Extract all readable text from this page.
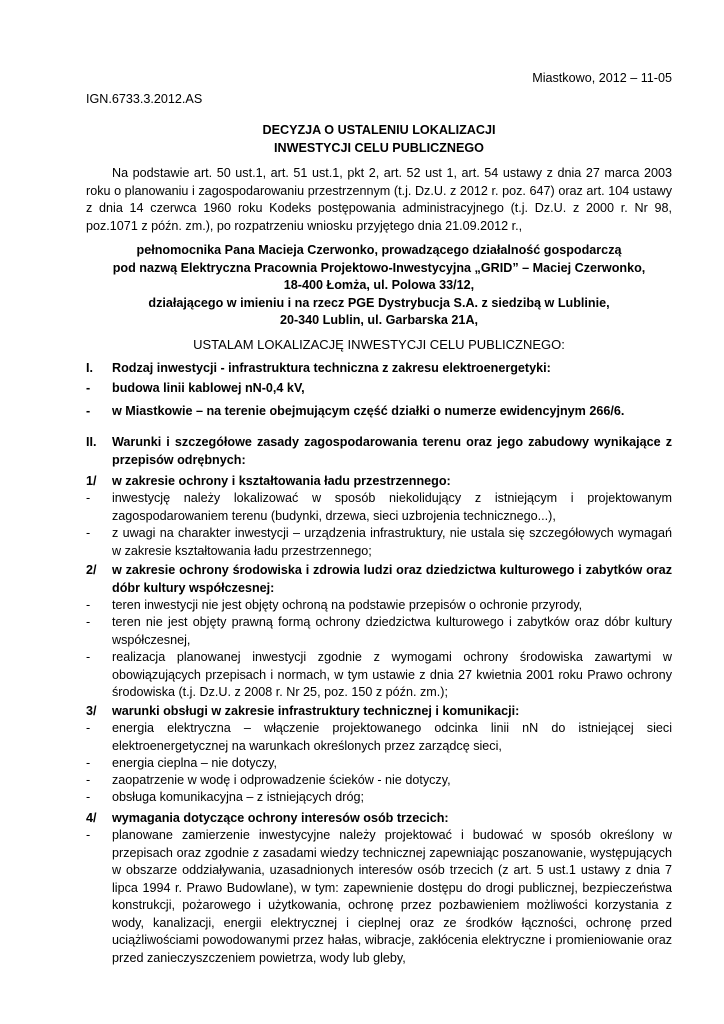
Miastkowo, 2012 – 11-05
IGN.6733.3.2012.AS
DECYZJA O USTALENIU LOKALIZACJI
INWESTYCJI CELU PUBLICZNEGO
Na podstawie art. 50 ust.1, art. 51 ust.1, pkt 2, art. 52 ust 1, art. 54 ustawy z dnia 27 marca 2003 roku o planowaniu i zagospodarowaniu przestrzennym (t.j. Dz.U. z 2012 r. poz. 647) oraz art. 104 ustawy z dnia 14 czerwca 1960 roku Kodeks postępowania administracyjnego (t.j. Dz.U. z 2000 r. Nr 98, poz.1071 z późn. zm.), po rozpatrzeniu wniosku przyjętego dnia 21.09.2012 r.,
pełnomocnika Pana Macieja Czerwonko, prowadzącego działalność gospodarczą
pod nazwą Elektryczna Pracownia Projektowo-Inwestycyjna „GRID” – Maciej Czerwonko,
18-400 Łomża, ul. Polowa 33/12,
działającego w imieniu i na rzecz PGE Dystrybucja S.A. z siedzibą w Lublinie,
20-340 Lublin, ul. Garbarska 21A,
USTALAM LOKALIZACJĘ INWESTYCJI CELU PUBLICZNEGO:
I.	Rodzaj inwestycji - infrastruktura techniczna z zakresu elektroenergetyki:
-	budowa linii kablowej nN-0,4 kV,
-	w Miastkowie – na terenie obejmującym część działki o numerze ewidencyjnym 266/6.
II.	Warunki i szczegółowe zasady zagospodarowania terenu oraz jego zabudowy wynikające z przepisów odrębnych:
1/	w zakresie ochrony i kształtowania ładu przestrzennego:
-	inwestycję należy lokalizować w sposób niekolidujący z istniejącym i projektowanym zagospodarowaniem terenu (budynki, drzewa, sieci uzbrojenia technicznego...),
-	z uwagi na charakter inwestycji – urządzenia infrastruktury, nie ustala się szczegółowych wymagań w zakresie kształtowania ładu przestrzennego;
2/	w zakresie ochrony środowiska i zdrowia ludzi oraz dziedzictwa kulturowego i zabytków oraz dóbr kultury współczesnej:
-	teren inwestycji nie jest objęty ochroną na podstawie przepisów o ochronie przyrody,
-	teren nie jest objęty prawną formą ochrony dziedzictwa kulturowego i zabytków oraz dóbr kultury współczesnej,
-	realizacja planowanej inwestycji zgodnie z wymogami ochrony środowiska zawartymi w obowiązujących przepisach i normach, w tym ustawie z dnia 27 kwietnia 2001 roku Prawo ochrony środowiska (t.j. Dz.U. z 2008 r. Nr 25, poz. 150 z późn. zm.);
3/	warunki obsługi w zakresie infrastruktury technicznej i komunikacji:
-	energia elektryczna – włączenie projektowanego odcinka linii nN do istniejącej sieci elektroenergetycznej na warunkach określonych przez zarządcę sieci,
-	energia cieplna – nie dotyczy,
-	zaopatrzenie w wodę i odprowadzenie ścieków - nie dotyczy,
-	obsługa komunikacyjna – z istniejących dróg;
4/	wymagania dotyczące ochrony interesów osób trzecich:
-	planowane zamierzenie inwestycyjne należy projektować i budować w sposób określony w przepisach oraz zgodnie z zasadami wiedzy technicznej zapewniając poszanowanie, występujących w obszarze oddziaływania, uzasadnionych interesów osób trzecich (z art. 5 ust.1 ustawy z dnia 7 lipca 1994 r. Prawo Budowlane), w tym: zapewnienie dostępu do drogi publicznej, bezpieczeństwa konstrukcji, pożarowego i użytkowania, ochronę przez pozbawieniem możliwości korzystania z wody, kanalizacji, energii elektrycznej i cieplnej oraz ze środków łączności, ochronę przed uciążliwościami powodowanymi przez hałas, wibracje, zakłócenia elektryczne i promieniowanie oraz przed zanieczyszczeniem powietrza, wody lub gleby,
